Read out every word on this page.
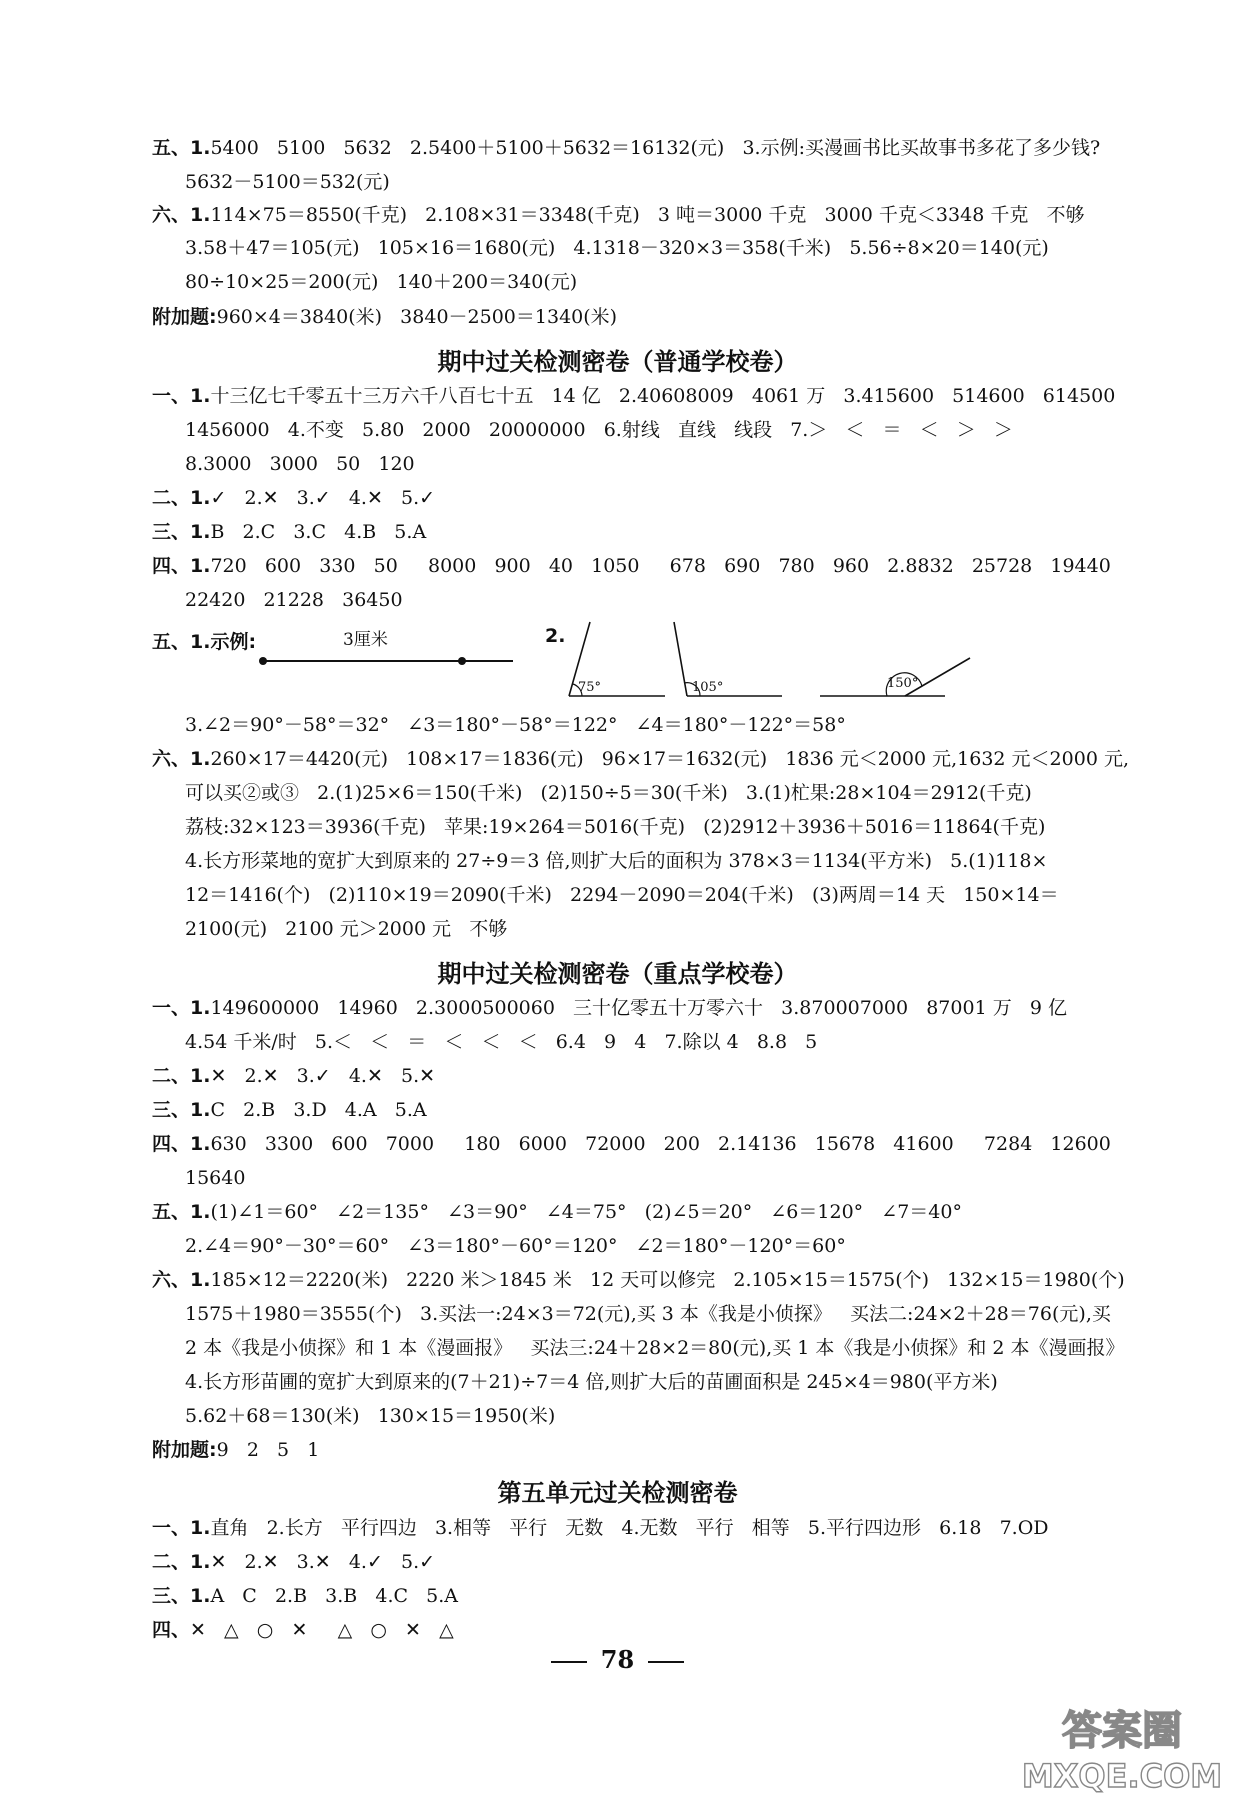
五、1.5400   5100   5632   2.5400＋5100＋5632＝16132(元)   3.示例:买漫画书比买故事书多花了多少钱?
5632－5100＝532(元)
六、1.114×75＝8550(千克)   2.108×31＝3348(千克)   3 吨＝3000 千克   3000 千克＜3348 千克   不够
3.58＋47＝105(元)   105×16＝1680(元)   4.1318－320×3＝358(千米)   5.56÷8×20＝140(元)
80÷10×25＝200(元)   140＋200＝340(元)
附加题:960×4＝3840(米)   3840－2500＝1340(米)
期中过关检测密卷（普通学校卷）
一、1.十三亿七千零五十三万六千八百七十五   14 亿   2.40608009   4061 万   3.415600   514600   614500
1456000   4.不变   5.80   2000   20000000   6.射线   直线   线段   7.＞   ＜   ＝   ＜   ＞   ＞
8.3000   3000   50   120
二、1.✓   2.✕   3.✓   4.✕   5.✓
三、1.B   2.C   3.C   4.B   5.A
四、1.720   600   330   50     8000   900   40   1050     678   690   780   960   2.8832   25728   19440
22420   21228   36450
五、1.示例:	3厘米	2.
75°	105°	150°
3.∠2＝90°－58°＝32°   ∠3＝180°－58°＝122°   ∠4＝180°－122°＝58°
六、1.260×17＝4420(元)   108×17＝1836(元)   96×17＝1632(元)   1836 元＜2000 元,1632 元＜2000 元,
可以买②或③   2.(1)25×6＝150(千米)   (2)150÷5＝30(千米)   3.(1)杧果:28×104＝2912(千克)
荔枝:32×123＝3936(千克)   苹果:19×264＝5016(千克)   (2)2912＋3936＋5016＝11864(千克)
4.长方形菜地的宽扩大到原来的 27÷9＝3 倍,则扩大后的面积为 378×3＝1134(平方米)   5.(1)118×
12＝1416(个)   (2)110×19＝2090(千米)   2294－2090＝204(千米)   (3)两周＝14 天   150×14＝
2100(元)   2100 元＞2000 元   不够
期中过关检测密卷（重点学校卷）
一、1.149600000   14960   2.3000500060   三十亿零五十万零六十   3.870007000   87001 万   9 亿
4.54 千米/时   5.＜   ＜   ＝   ＜   ＜   ＜   6.4   9   4   7.除以 4   8.8   5
二、1.✕   2.✕   3.✓   4.✕   5.✕
三、1.C   2.B   3.D   4.A   5.A
四、1.630   3300   600   7000     180   6000   72000   200   2.14136   15678   41600     7284   12600
15640
五、1.(1)∠1＝60°   ∠2＝135°   ∠3＝90°   ∠4＝75°   (2)∠5＝20°   ∠6＝120°   ∠7＝40°
2.∠4＝90°－30°＝60°   ∠3＝180°－60°＝120°   ∠2＝180°－120°＝60°
六、1.185×12＝2220(米)   2220 米＞1845 米   12 天可以修完   2.105×15＝1575(个)   132×15＝1980(个)
1575＋1980＝3555(个)   3.买法一:24×3＝72(元),买 3 本《我是小侦探》   买法二:24×2＋28＝76(元),买
2 本《我是小侦探》和 1 本《漫画报》   买法三:24＋28×2＝80(元),买 1 本《我是小侦探》和 2 本《漫画报》
4.长方形苗圃的宽扩大到原来的(7＋21)÷7＝4 倍,则扩大后的苗圃面积是 245×4＝980(平方米)
5.62＋68＝130(米)   130×15＝1950(米)
附加题:9   2   5   1
第五单元过关检测密卷
一、1.直角   2.长方   平行四边   3.相等   平行   无数   4.无数   平行   相等   5.平行四边形   6.18   7.OD
二、1.✕   2.✕   3.✕   4.✓   5.✓
三、1.A   C   2.B   3.B   4.C   5.A
四、✕   △   ○   ✕     △   ○   ✕   △
78
答案圈
MXQE.COM
